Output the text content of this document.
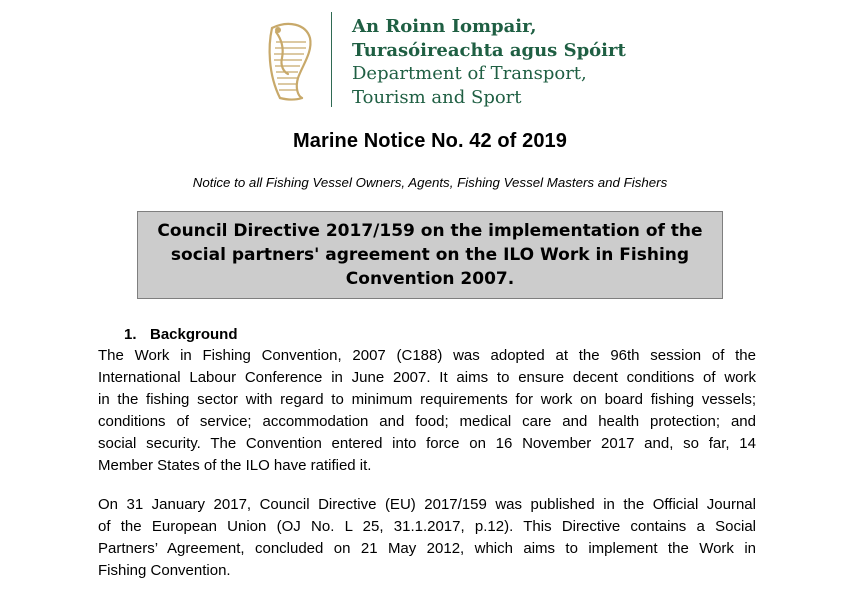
An Roinn Iompair,
Turasóireachta agus Spóirt
Department of Transport,
Tourism and Sport
Marine Notice No. 42 of 2019
Notice to all Fishing Vessel Owners, Agents, Fishing Vessel Masters and Fishers
Council Directive 2017/159 on the implementation of the
social partners' agreement on the ILO Work in Fishing
Convention 2007.
1. Background
The Work in Fishing Convention, 2007 (C188) was adopted at the 96th session of the
International Labour Conference in June 2007. It aims to ensure decent conditions of work
in the fishing sector with regard to minimum requirements for work on board fishing vessels;
conditions of service; accommodation and food; medical care and health protection; and
social security. The Convention entered into force on 16 November 2017 and, so far, 14
Member States of the ILO have ratified it.
On 31 January 2017, Council Directive (EU) 2017/159 was published in the Official Journal
of the European Union (OJ No. L 25, 31.1.2017, p.12). This Directive contains a Social
Partners’ Agreement, concluded on 21 May 2012, which aims to implement the Work in
Fishing Convention.
